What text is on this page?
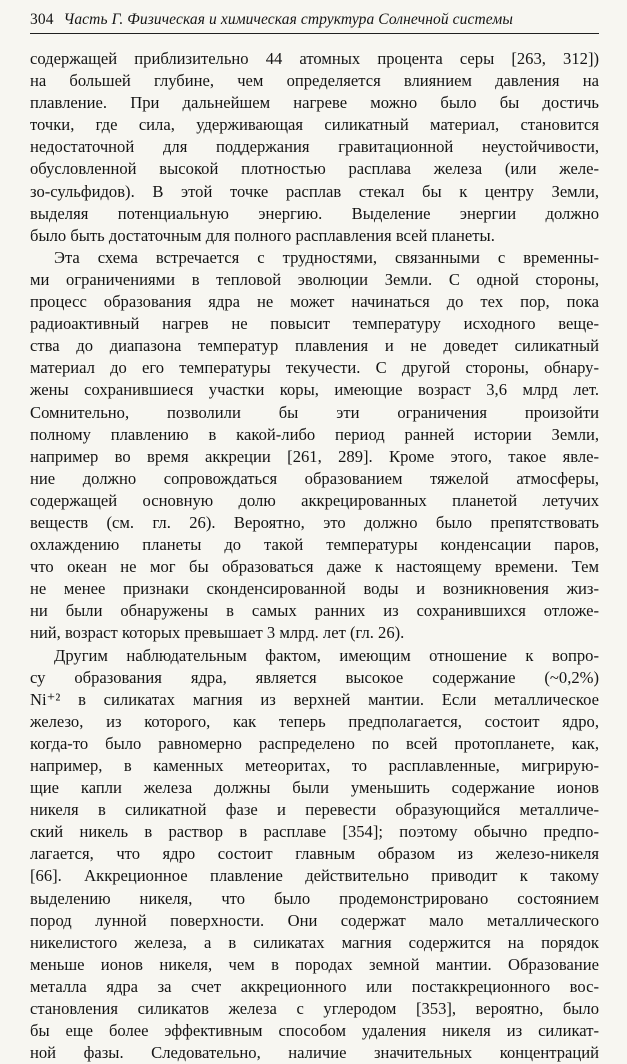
304 Часть Г. Физическая и химическая структура Солнечной системы

содержащей приблизительно 44 атомных процента серы [263, 312])
на большей глубине, чем определяется влиянием давления на
плавление. При дальнейшем нагреве можно было бы достичь
точки, где сила, удерживающая силикатный материал, становится
недостаточной для поддержания гравитационной неустойчивости,
обусловленной высокой плотностью расплава железа (или желе-
зо-сульфидов). В этой точке расплав стекал бы к центру Земли,
выделяя потенциальную энергию. Выделение энергии должно
было быть достаточным для полного расплавления всей планеты.

Эта схема встречается с трудностями, связанными с временны-
ми ограничениями в тепловой эволюции Земли. С одной стороны,
процесс образования ядра не может начинаться до тех пор, пока
радиоактивный нагрев не повысит температуру исходного веще-
ства до диапазона температур плавления и не доведет силикатный
материал до его температуры текучести. С другой стороны, обнару-
жены сохранившиеся участки коры, имеющие возраст 3,6 млрд лет.
Сомнительно, позволили бы эти ограничения произойти
полному плавлению в какой-либо период ранней истории Земли,
например во время аккреции [261, 289]. Кроме этого, такое явле-
ние должно сопровождаться образованием тяжелой атмосферы,
содержащей основную долю аккрецированных планетой летучих
веществ (см. гл. 26). Вероятно, это должно было препятствовать
охлаждению планеты до такой температуры конденсации паров,
что океан не мог бы образоваться даже к настоящему времени. Тем
не менее признаки сконденсированной воды и возникновения жиз-
ни были обнаружены в самых ранних из сохранившихся отложе-
ний, возраст которых превышает 3 млрд. лет (гл. 26).

Другим наблюдательным фактом, имеющим отношение к вопро-
су образования ядра, является высокое содержание (~0,2%)
Ni⁺² в силикатах магния из верхней мантии. Если металлическое
железо, из которого, как теперь предполагается, состоит ядро,
когда-то было равномерно распределено по всей протопланете, как,
например, в каменных метеоритах, то расплавленные, мигрирую-
щие капли железа должны были уменьшить содержание ионов
никеля в силикатной фазе и перевести образующийся металличе-
ский никель в раствор в расплаве [354]; поэтому обычно предпо-
лагается, что ядро состоит главным образом из железо-никеля
[66]. Аккреционное плавление действительно приводит к такому
выделению никеля, что было продемонстрировано состоянием
пород лунной поверхности. Они содержат мало металлического
никелистого железа, а в силикатах магния содержится на порядок
меньше ионов никеля, чем в породах земной мантии. Образование
металла ядра за счет аккреционного или постаккреционного вос-
становления силикатов железа с углеродом [353], вероятно, было
бы еще более эффективным способом удаления никеля из силикат-
ной фазы. Следовательно, наличие значительных концентраций
